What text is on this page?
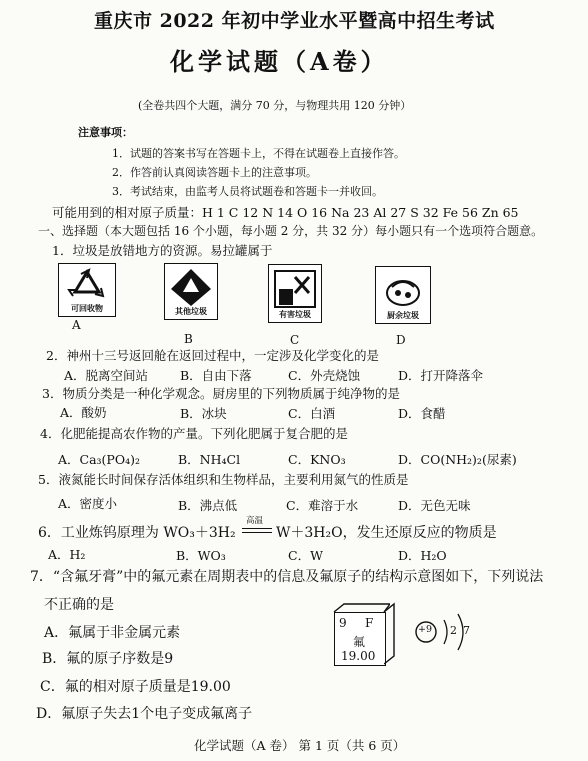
重庆市 2022 年初中学业水平暨高中招生考试
化学试题（A卷）
(全卷共四个大题，满分 70 分，与物理共用 120 分钟）
注意事项：
1．试题的答案书写在答题卡上，不得在试题卷上直接作答。
2．作答前认真阅读答题卡上的注意事项。
3．考试结束，由监考人员将试题卷和答题卡一并收回。
可能用到的相对原子质量：H 1 C 12 N 14 O 16 Na 23 Al 27 S 32 Fe 56 Zn 65
一、选择题（本大题包括 16 个小题，每小题 2 分，共 32 分）每小题只有一个选项符合题意。
1．垃圾是放错地方的资源。易拉罐属于
可回收物
A
其他垃圾
B
有害垃圾
C
厨余垃圾
D
2．神州十三号返回舱在返回过程中，一定涉及化学变化的是
A．脱离空间站	B．自由下落	C．外壳烧蚀	D．打开降落伞
3．物质分类是一种化学观念。厨房里的下列物质属于纯净物的是
A．酸奶	B．冰块	C．白酒	D．食醋
4．化肥能提高农作物的产量。下列化肥属于复合肥的是
A．Ca₃(PO₄)₂	B．NH₄Cl	C．KNO₃	D．CO(NH₂)₂(尿素)
5．液氮能长时间保存活体组织和生物样品，主要利用氮气的性质是
A．密度小	B．沸点低	C．难溶于水	D．无色无味
6．工业炼钨原理为 WO₃＋3H₂
高温
W＋3H₂O，发生还原反应的物质是
A．H₂	B．WO₃	C．W	D．H₂O
7．“含氟牙膏”中的氟元素在周期表中的信息及氟原子的结构示意图如下，下列说法
不正确的是
A．氟属于非金属元素
B．氟的原子序数是9
C．氟的相对原子质量是19.00
D．氟原子失去1个电子变成氟离子
9 F
氟
19.00
+9 2 7
化学试题（A 卷） 第 1 页（共 6 页）
